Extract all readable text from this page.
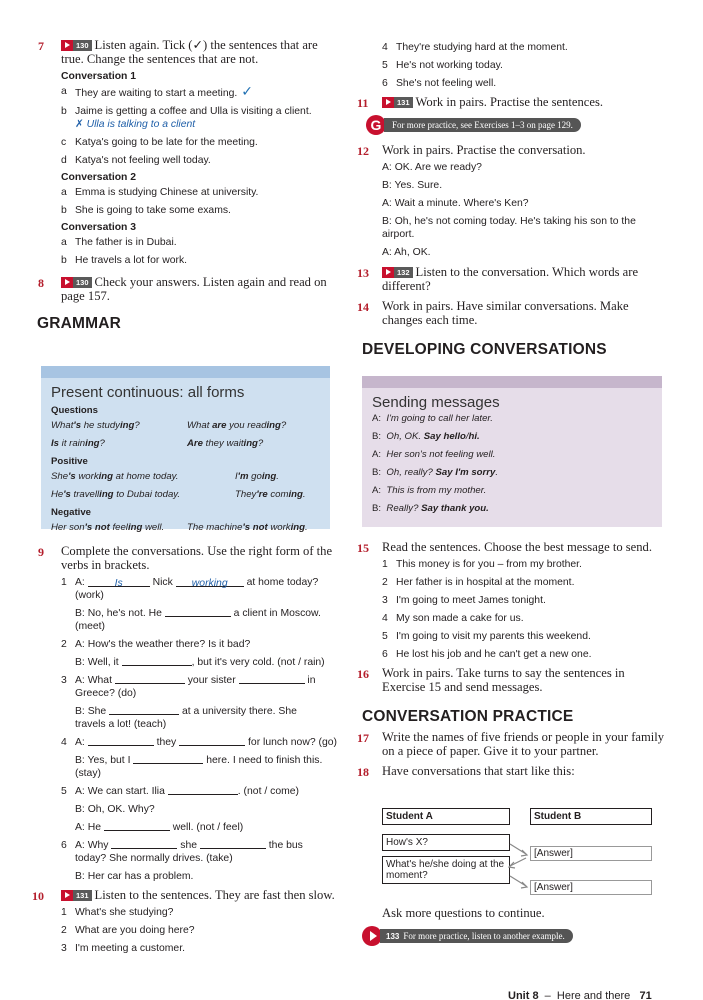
7	130 Listen again. Tick (✓) the sentences that are true. Change the sentences that are not.
Conversation 1
a They are waiting to start a meeting. ✓
b Jaime is getting a coffee and Ulla is visiting a client.
✗ Ulla is talking to a client
c Katya's going to be late for the meeting.
d Katya's not feeling well today.
Conversation 2
a Emma is studying Chinese at university.
b She is going to take some exams.
Conversation 3
a The father is in Dubai.
b He travels a lot for work.
8	130 Check your answers. Listen again and read on page 157.
GRAMMAR
Present continuous: all forms
Questions
What's he studying?	What are you reading?
Is it raining?	Are they waiting?
Positive
She's working at home today.	I'm going.
He's travelling to Dubai today.	They're coming.
Negative
Her son's not feeling well.	The machine's not working.
9 Complete the conversations. Use the right form of the verbs in brackets.
1 A:	Is	Nick working at home today?
(work)
B: No, he's not. He	a client in Moscow.
(meet)
2 A: How's the weather there? Is it bad?
B: Well, it	, but it's very cold. (not / rain)
3 A: What	your sister	in
Greece? (do)
B: She	at a university there. She
travels a lot! (teach)
4 A:	they	for lunch now? (go)
B: Yes, but I	here. I need to finish this.
(stay)
5 A: We can start. Ilia	. (not / come)
B: Oh, OK. Why?
A: He	well. (not / feel)
6 A: Why	she	the bus
today? She normally drives. (take)
B: Her car has a problem.
10	131 Listen to the sentences. They are fast then slow.
1 What's she studying?
2 What are you doing here?
3 I'm meeting a customer.
4 They're studying hard at the moment.
5 He's not working today.
6 She's not feeling well.
11	131 Work in pairs. Practise the sentences.
G	For more practice, see Exercises 1–3 on page 129.
12 Work in pairs. Practise the conversation.
A: OK. Are we ready?
B: Yes. Sure.
A: Wait a minute. Where's Ken?
B: Oh, he's not coming today. He's taking his son to the airport.
A: Ah, OK.
13	132 Listen to the conversation. Which words are different?
14 Work in pairs. Have similar conversations. Make changes each time.
DEVELOPING CONVERSATIONS
Sending messages
A:  I'm going to call her later.
B:  Oh, OK. Say hello/hi.
A:  Her son's not feeling well.
B:  Oh, really? Say I'm sorry.
A:  This is from my mother.
B:  Really? Say thank you.
15 Read the sentences. Choose the best message to send.
1 This money is for you – from my brother.
2 Her father is in hospital at the moment.
3 I'm going to meet James tonight.
4 My son made a cake for us.
5 I'm going to visit my parents this weekend.
6 He lost his job and he can't get a new one.
16 Work in pairs. Take turns to say the sentences in Exercise 15 and send messages.
CONVERSATION PRACTICE
17 Write the names of five friends or people in your family on a piece of paper. Give it to your partner.
18 Have conversations that start like this:
Student A	Student B
How's X?
[Answer]
What's he/she doing at the moment?
[Answer]
Ask more questions to continue.
133 For more practice, listen to another example.
Unit 8  –  Here and there 71
